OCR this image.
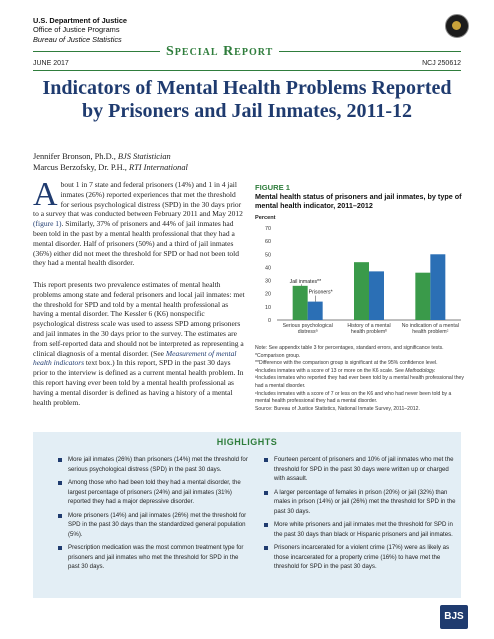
U.S. Department of Justice
Office of Justice Programs
Bureau of Justice Statistics
Special Report
JUNE 2017	NCJ 250612
Indicators of Mental Health Problems Reported by Prisoners and Jail Inmates, 2011-12
Jennifer Bronson, Ph.D., BJS Statistician
Marcus Berzofsky, Dr. P.H., RTI International
About 1 in 7 state and federal prisoners (14%) and 1 in 4 jail inmates (26%) reported experiences that met the threshold for serious psychological distress (SPD) in the 30 days prior to a survey that was conducted between February 2011 and May 2012 (figure 1). Similarly, 37% of prisoners and 44% of jail inmates had been told in the past by a mental health professional that they had a mental disorder. Half of prisoners (50%) and a third of jail inmates (36%) either did not meet the threshold for SPD or had not been told they had a mental health disorder.
This report presents two prevalence estimates of mental health problems among state and federal prisoners and local jail inmates: met the threshold for SPD and told by a mental health professional as having a mental disorder. The Kessler 6 (K6) nonspecific psychological distress scale was used to assess SPD among prisoners and jail inmates in the 30 days prior to the survey. The estimates are from self-reported data and should not be interpreted as representing a clinical diagnosis of a mental disorder. (See Measurement of mental health indicators text box.) In this report, SPD in the past 30 days prior to the interview is defined as a current mental health problem. In this report having ever been told by a mental health professional as having a mental disorder is defined as having a history of a mental health problem.
FIGURE 1
Mental health status of prisoners and jail inmates, by type of mental health indicator, 2011–2012
Percent
0
10
20
30
40
50
60
70
Serious psychological
distressᵃ
History of a mental
health problemᵇ
No indication of a mental
health problemᶜ
Jail inmates**
Prisoners*
Note: See appendix table 3 for percentages, standard errors, and significance tests.
*Comparison group.
**Difference with the comparison group is significant at the 95% confidence level.
ᵃIncludes inmates with a score of 13 or more on the K6 scale. See Methodology.
ᵇIncludes inmates who reported they had ever been told by a mental health professional they had a mental disorder.
ᶜIncludes inmates with a score of 7 or less on the K6 and who had never been told by a mental health professional they had a mental disorder.
Source: Bureau of Justice Statistics, National Inmate Survey, 2011–2012.
HIGHLIGHTS
More jail inmates (26%) than prisoners (14%) met the threshold for serious psychological distress (SPD) in the past 30 days.
Among those who had been told they had a mental disorder, the largest percentage of prisoners (24%) and jail inmates (31%) reported they had a major depressive disorder.
More prisoners (14%) and jail inmates (26%) met the threshold for SPD in the past 30 days than the standardized general population (5%).
Prescription medication was the most common treatment type for prisoners and jail inmates who met the threshold for SPD in the past 30 days.
Fourteen percent of prisoners and 10% of jail inmates who met the threshold for SPD in the past 30 days were written up or charged with assault.
A larger percentage of females in prison (20%) or jail (32%) than males in prison (14%) or jail (26%) met the threshold for SPD in the past 30 days.
More white prisoners and jail inmates met the threshold for SPD in the past 30 days than black or Hispanic prisoners and jail inmates.
Prisoners incarcerated for a violent crime (17%) were as likely as those incarcerated for a property crime (16%) to have met the threshold for SPD in the past 30 days.
BJS
